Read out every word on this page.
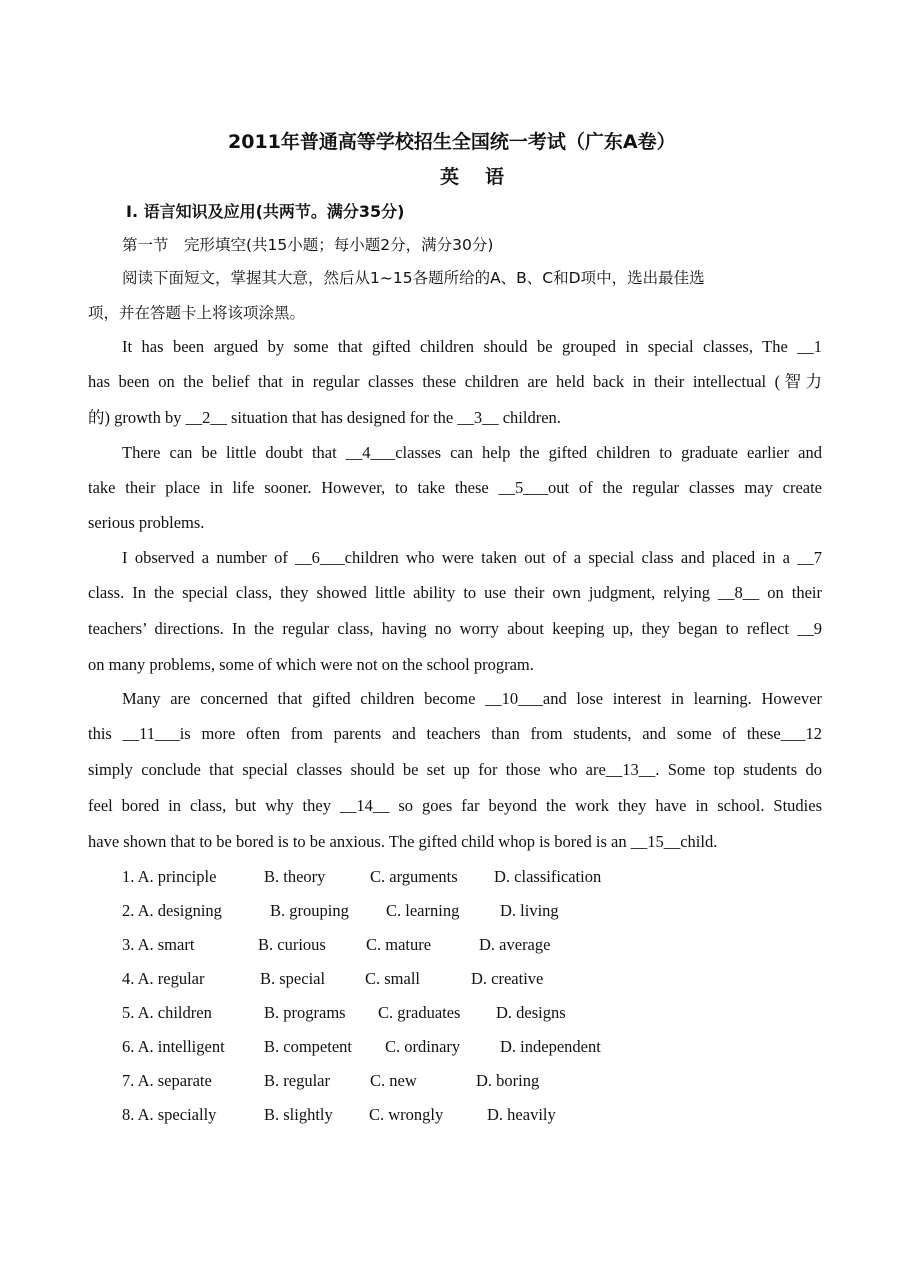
2011年普通高等学校招生全国统一考试（广东A卷）
英语
Ⅰ. 语言知识及应用(共两节。满分35分)
第一节　完形填空(共15小题；每小题2分，满分30分)
阅读下面短文，掌握其大意，然后从1~15各题所给的A、B、C和D项中，选出最佳选
项，并在答题卡上将该项涂黑。
It has been argued by some that gifted children should be grouped in special classes, The __1
has been on the belief that in regular classes these children are held back in their intellectual (智力
的) growth by __2__ situation that has designed for the __3__ children.
There can be little doubt that __4___classes can help the gifted children to graduate earlier and
take their place in life sooner. However, to take these __5___out of the regular classes may create
serious problems.
I observed a number of __6___children who were taken out of a special class and placed in a __7
class. In the special class, they showed little ability to use their own judgment, relying __8__ on their
teachers’ directions. In the regular class, having no worry about keeping up, they began to reflect __9
on many problems, some of which were not on the school program.
Many are concerned that gifted children become __10___and lose interest in learning. However
this __11___is more often from parents and teachers than from students, and some of these___12
simply conclude that special classes should be set up for those who are__13__. Some top students do
feel bored in class, but why they __14__ so goes far beyond the work they have in school. Studies
have shown that to be bored is to be anxious. The gifted child whop is bored is an __15__child.
1. A. principle	B. theory	C. arguments D. classification
2. A. designing	B. grouping C. learning D. living
3. A. smart	B. curious C. mature	D. average
4. A. regular	B. special C. small	D. creative
5. A. children	B. programs C. graduates D. designs
6. A. intelligent B. competent C. ordinary D. independent
7. A. separate	B. regular C. new	D. boring
8. A. specially	B. slightly C. wrongly	D. heavily
